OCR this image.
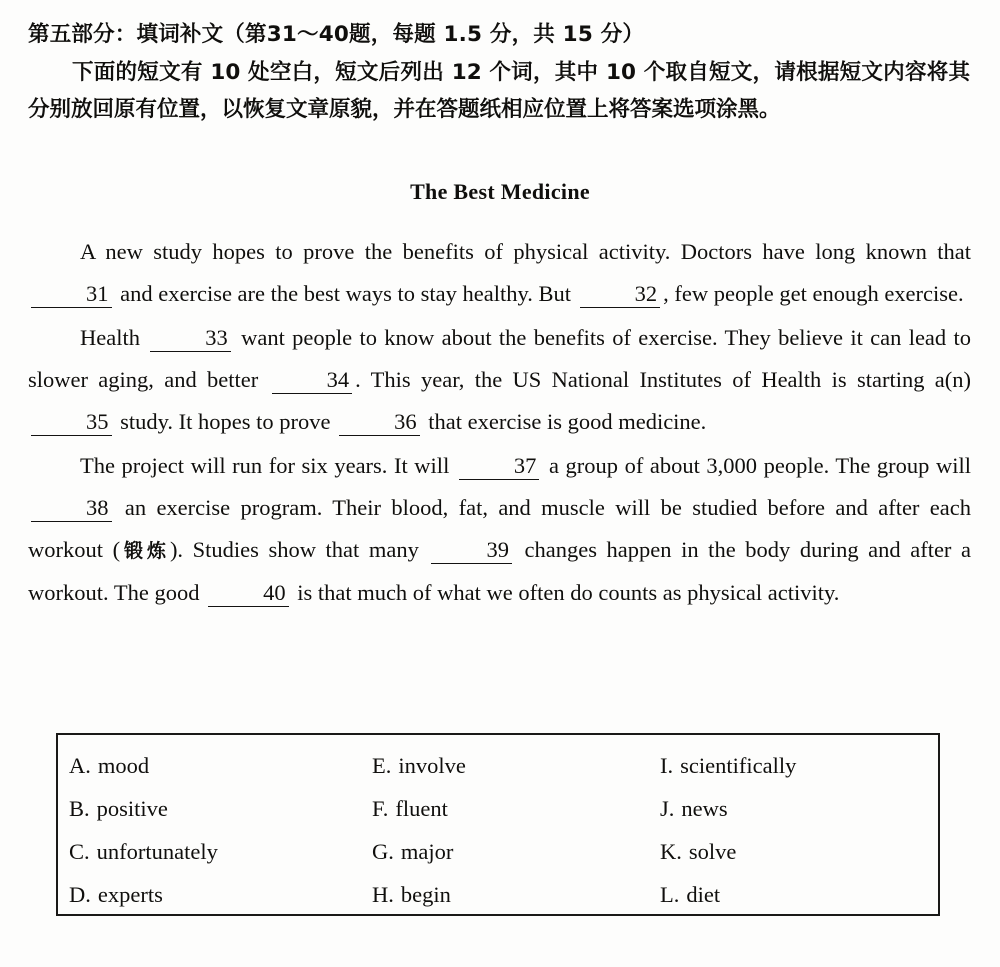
第五部分：填词补文（第31～40题，每题 1.5 分，共 15 分）

下面的短文有 10 处空白，短文后列出 12 个词，其中 10 个取自短文，请根据短文内容将其分别放回原有位置，以恢复文章原貌，并在答题纸相应位置上将答案选项涂黑。

The Best Medicine

A new study hopes to prove the benefits of physical activity. Doctors have long known that 31 and exercise are the best ways to stay healthy. But	32 , few people get enough exercise.

Health	33 want people to know about the benefits of exercise. They believe it can lead to slower aging, and better	34 . This year, the US National Institutes of Health is starting a(n) 35 study. It hopes to prove	36 that exercise is good medicine.

The project will run for six years. It will	37 a group of about 3,000 people. The group will 38 an exercise program. Their blood, fat, and muscle will be studied before and after each workout (锻炼). Studies show that many	39 changes happen in the body during and after a workout. The good	40 is that much of what we often do counts as physical activity.

A. mood	E. involve	I. scientifically
B. positive	F. fluent	J. news
C. unfortunately	G. major	K. solve
D. experts	H. begin	L. diet
